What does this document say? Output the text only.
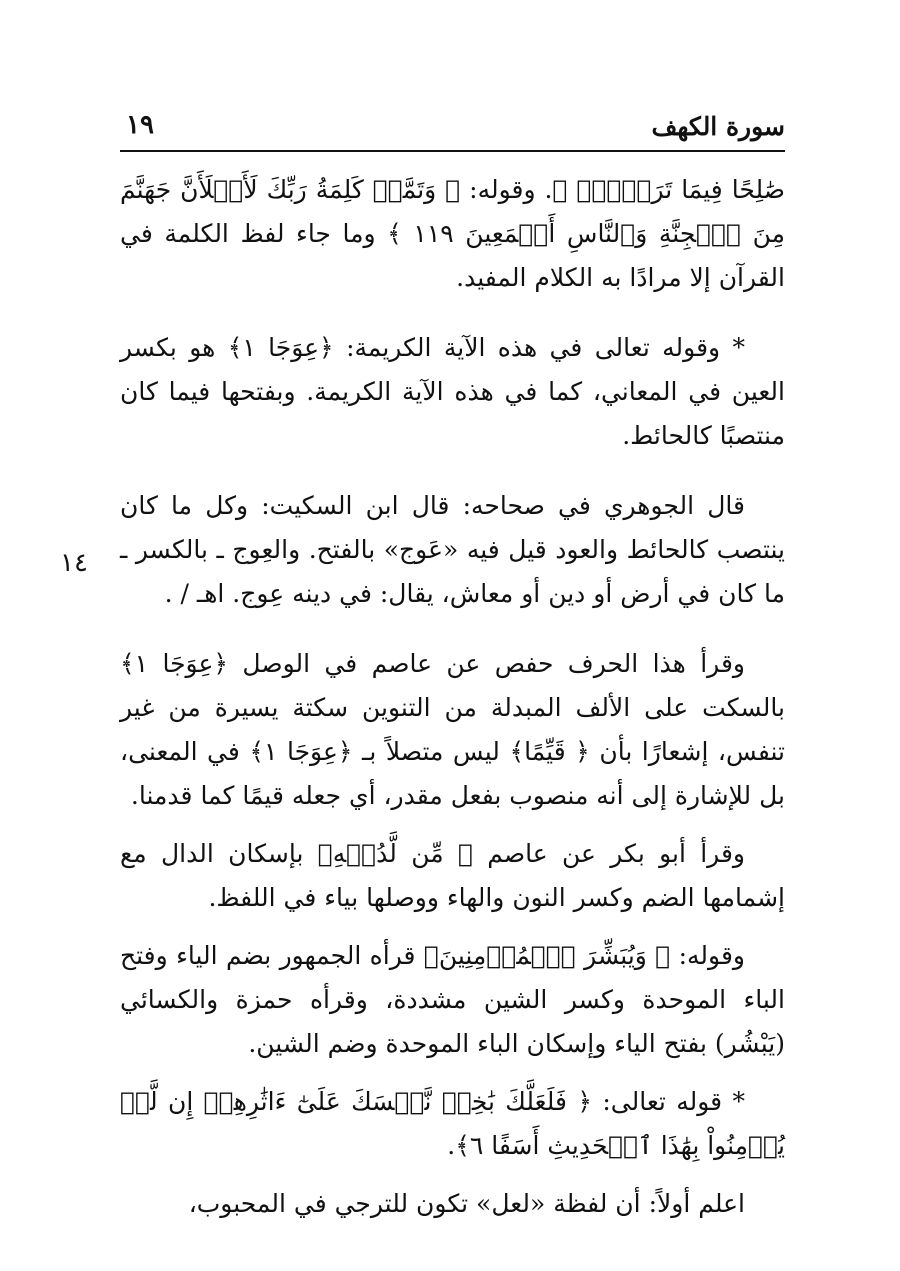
سورة الكهف
١٩

صَٰلِحًا فِيمَا تَرَكۡتُۚ ﴾. وقوله: ﴿ وَتَمَّتۡ كَلِمَةُ رَبِّكَ لَأَمۡلَأَنَّ جَهَنَّمَ مِنَ ٱلۡجِنَّةِ وَٱلنَّاسِ أَجۡمَعِينَ ١١٩ ﴾ وما جاء لفظ الكلمة في القرآن إلا مرادًا به الكلام المفيد.

* وقوله تعالى في هذه الآية الكريمة: ﴿عِوَجَا ١﴾ هو بكسر العين في المعاني، كما في هذه الآية الكريمة. وبفتحها فيما كان منتصبًا كالحائط.

قال الجوهري في صحاحه: قال ابن السكيت: وكل ما كان ينتصب كالحائط والعود قيل فيه «عَوج» بالفتح. والعِوج ـ بالكسر ـ ما كان في أرض أو دين أو معاش، يقال: في دينه عِوج. اهـ / .

وقرأ هذا الحرف حفص عن عاصم في الوصل ﴿عِوَجَا ١﴾ بالسكت على الألف المبدلة من التنوين سكتة يسيرة من غير تنفس، إشعارًا بأن ﴿ قَيِّمًا﴾ ليس متصلاً بـ ﴿عِوَجَا ١﴾ في المعنى، بل للإشارة إلى أنه منصوب بفعل مقدر، أي جعله قيمًا كما قدمنا.

وقرأ أبو بكر عن عاصم ﴿ مِّن لَّدُنۡهِ﴾ بإسكان الدال مع إشمامها الضم وكسر النون والهاء ووصلها بياء في اللفظ.

وقوله: ﴿ وَيُبَشِّرَ ٱلۡمُؤۡمِنِينَ﴾ قرأه الجمهور بضم الياء وفتح الباء الموحدة وكسر الشين مشددة، وقرأه حمزة والكسائي (يَبْشُر) بفتح الياء وإسكان الباء الموحدة وضم الشين.

* قوله تعالى: ﴿ فَلَعَلَّكَ بَٰخِعٞ نَّفۡسَكَ عَلَىٰٓ ءَاثَٰرِهِمۡ إِن لَّمۡ يُؤۡمِنُواْ بِهَٰذَا ٱلۡحَدِيثِ أَسَفًا ٦﴾.

اعلم أولاً: أن لفظة «لعل» تكون للترجي في المحبوب،

١٤
